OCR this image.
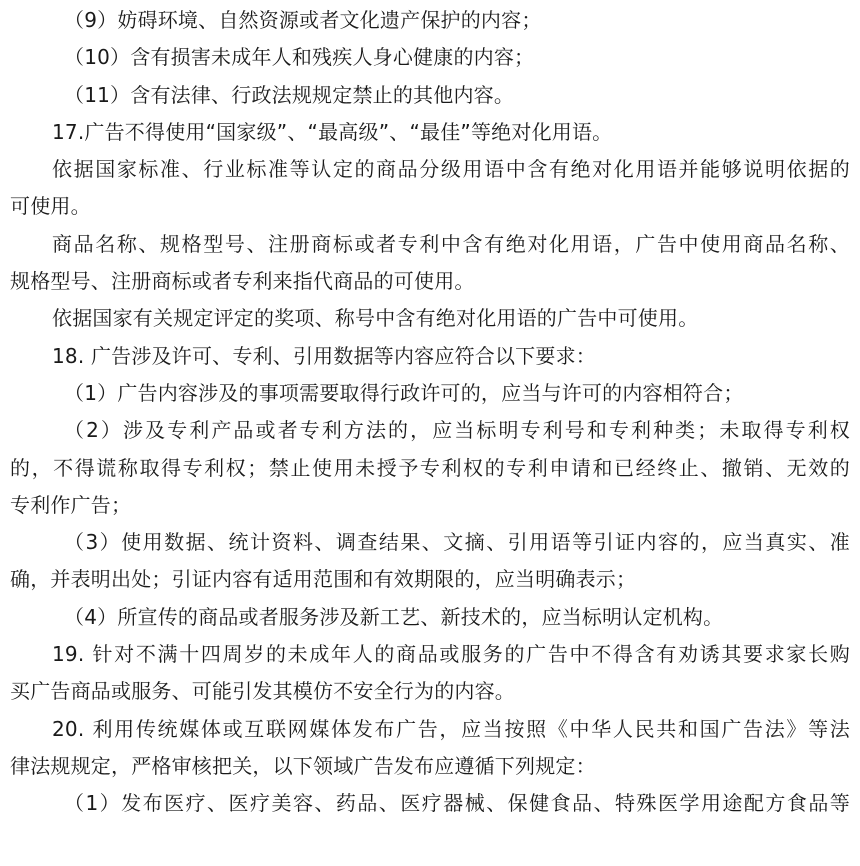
（9）妨碍环境、自然资源或者文化遗产保护的内容；
（10）含有损害未成年人和残疾人身心健康的内容；
（11）含有法律、行政法规规定禁止的其他内容。
17.广告不得使用“国家级”、“最高级”、“最佳”等绝对化用语。
依据国家标准、行业标准等认定的商品分级用语中含有绝对化用语并能够说明依据的
可使用。
商品名称、规格型号、注册商标或者专利中含有绝对化用语，广告中使用商品名称、
规格型号、注册商标或者专利来指代商品的可使用。
依据国家有关规定评定的奖项、称号中含有绝对化用语的广告中可使用。
18. 广告涉及许可、专利、引用数据等内容应符合以下要求：
（1）广告内容涉及的事项需要取得行政许可的，应当与许可的内容相符合；
（2）涉及专利产品或者专利方法的，应当标明专利号和专利种类；未取得专利权
的，不得谎称取得专利权；禁止使用未授予专利权的专利申请和已经终止、撤销、无效的
专利作广告；
（3）使用数据、统计资料、调查结果、文摘、引用语等引证内容的，应当真实、准
确，并表明出处；引证内容有适用范围和有效期限的，应当明确表示；
（4）所宣传的商品或者服务涉及新工艺、新技术的，应当标明认定机构。
19. 针对不满十四周岁的未成年人的商品或服务的广告中不得含有劝诱其要求家长购
买广告商品或服务、可能引发其模仿不安全行为的内容。
20. 利用传统媒体或互联网媒体发布广告，应当按照《中华人民共和国广告法》等法
律法规规定，严格审核把关，以下领域广告发布应遵循下列规定：
（1）发布医疗、医疗美容、药品、医疗器械、保健食品、特殊医学用途配方食品等
